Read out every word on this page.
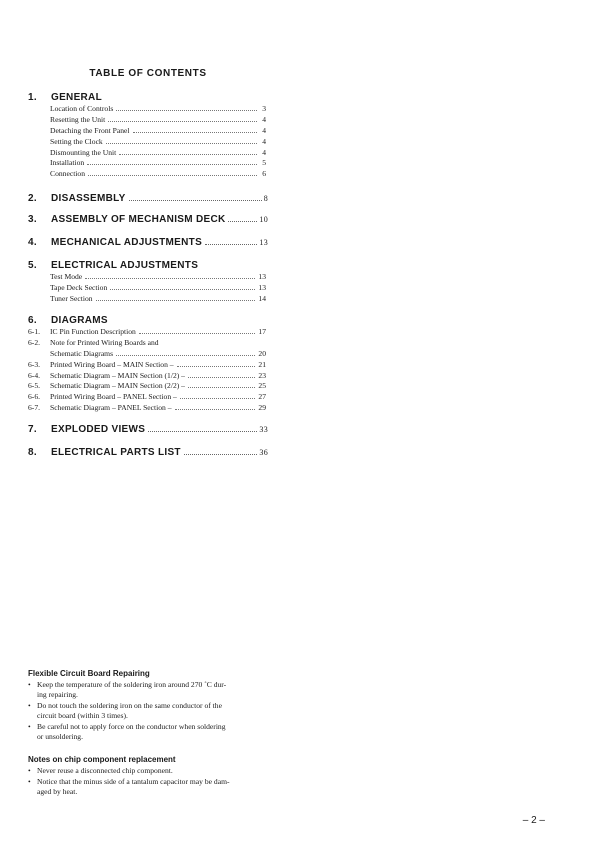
TABLE OF CONTENTS
1.	GENERAL
Location of Controls	3
Resetting the Unit	4
Detaching the Front Panel	4
Setting the Clock	4
Dismounting the Unit	4
Installation	5
Connection	6
2.	DISASSEMBLY	8
3.	ASSEMBLY OF MECHANISM DECK	10
4.	MECHANICAL ADJUSTMENTS	13
5.	ELECTRICAL ADJUSTMENTS
Test Mode	13
Tape Deck Section	13
Tuner Section	14
6.	DIAGRAMS
6-1.	IC Pin Function Description	17
6-2.	Note for Printed Wiring Boards and
Schematic Diagrams	20
6-3.	Printed Wiring Board – MAIN Section –	21
6-4.	Schematic Diagram – MAIN Section (1/2) –	23
6-5.	Schematic Diagram – MAIN Section (2/2) –	25
6-6.	Printed Wiring Board – PANEL Section –	27
6-7.	Schematic Diagram – PANEL Section –	29
7.	EXPLODED VIEWS	33
8.	ELECTRICAL PARTS LIST	36
Flexible Circuit Board Repairing
• Keep the temperature of the soldering iron around 270 ˚C dur-
ing repairing.
• Do not touch the soldering iron on the same conductor of the
circuit board (within 3 times).
• Be careful not to apply force on the conductor when soldering
or unsoldering.
Notes on chip component replacement
• Never reuse a disconnected chip component.
• Notice that the minus side of a tantalum capacitor may be dam-
aged by heat.
– 2 –
